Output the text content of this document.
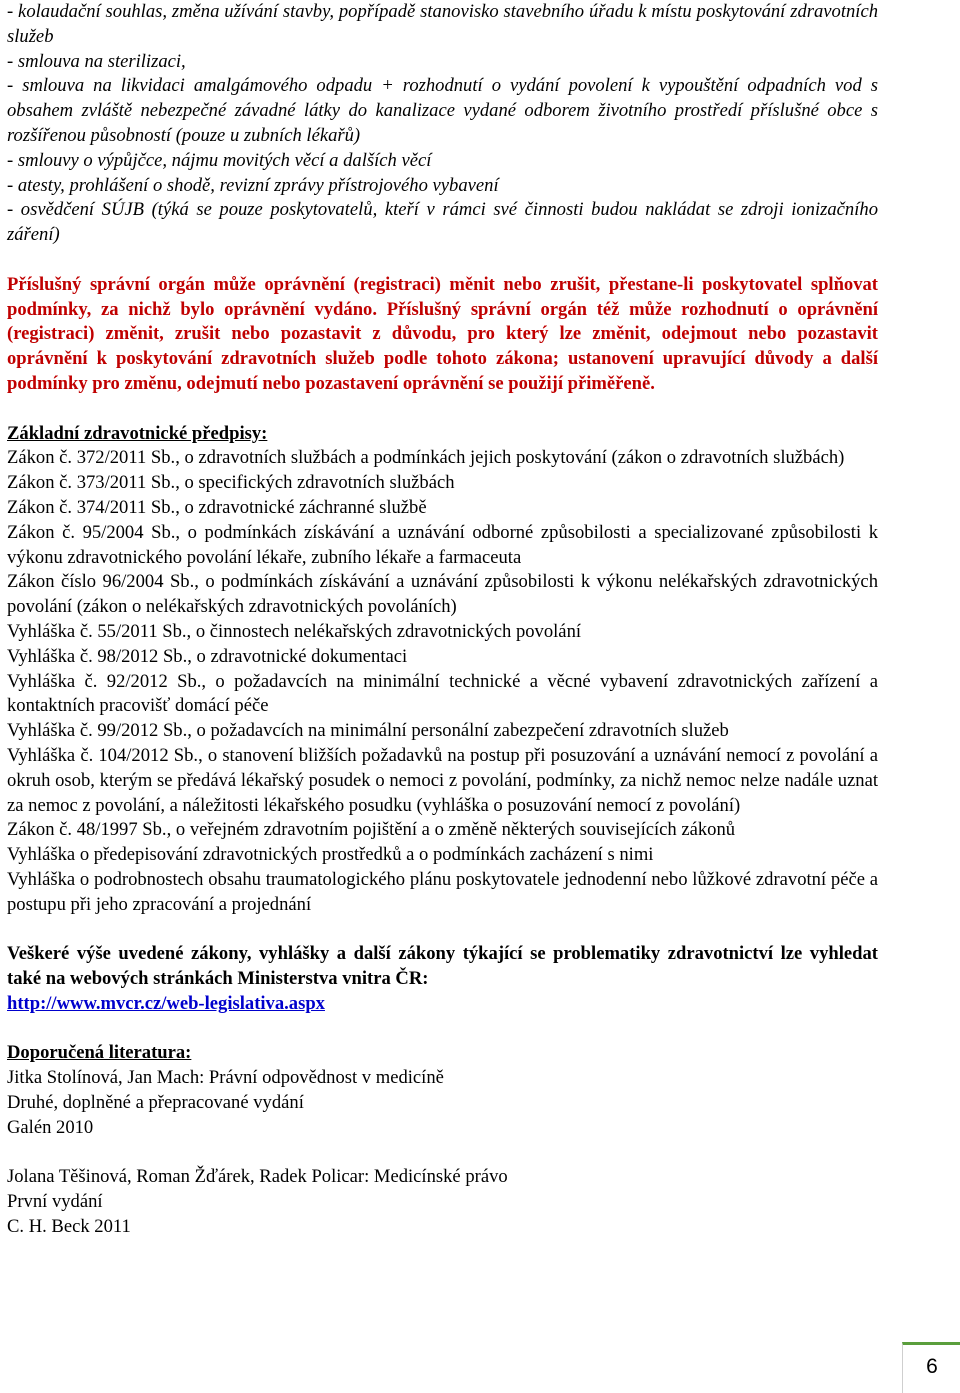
- kolaudační souhlas, změna užívání stavby, popřípadě stanovisko stavebního úřadu k místu poskytování zdravotních služeb

- smlouva na sterilizaci,

- smlouva na likvidaci amalgámového odpadu + rozhodnutí o vydání povolení k vypouštění odpadních vod s obsahem zvláště nebezpečné závadné látky do kanalizace vydané odborem životního prostředí příslušné obce s rozšířenou působností (pouze u zubních lékařů)

- smlouvy o výpůjčce, nájmu movitých věcí a dalších věcí

- atesty, prohlášení o shodě, revizní zprávy přístrojového vybavení

- osvědčení SÚJB (týká se pouze poskytovatelů, kteří v rámci své činnosti budou nakládat se zdroji ionizačního záření)

Příslušný správní orgán může oprávnění (registraci) měnit nebo zrušit, přestane-li poskytovatel splňovat podmínky, za nichž bylo oprávnění vydáno. Příslušný správní orgán též může rozhodnutí o oprávnění (registraci) změnit, zrušit nebo pozastavit z důvodu, pro který lze změnit, odejmout nebo pozastavit oprávnění k poskytování zdravotních služeb podle tohoto zákona; ustanovení upravující důvody a další podmínky pro změnu, odejmutí nebo pozastavení oprávnění se použijí přiměřeně.

Základní zdravotnické předpisy:

Zákon č. 372/2011 Sb., o zdravotních službách a podmínkách jejich poskytování (zákon o zdravotních službách)

Zákon č. 373/2011 Sb., o specifických zdravotních službách

Zákon č. 374/2011 Sb., o zdravotnické záchranné službě

Zákon č. 95/2004 Sb., o podmínkách získávání a uznávání odborné způsobilosti a specializované způsobilosti k výkonu zdravotnického povolání lékaře, zubního lékaře a farmaceuta

Zákon číslo 96/2004 Sb., o podmínkách získávání a uznávání způsobilosti k výkonu nelékařských zdravotnických povolání (zákon o nelékařských zdravotnických povoláních)

Vyhláška č. 55/2011 Sb., o činnostech nelékařských zdravotnických povolání

Vyhláška č. 98/2012 Sb., o zdravotnické dokumentaci

Vyhláška č. 92/2012 Sb., o požadavcích na minimální technické a věcné vybavení zdravotnických zařízení a kontaktních pracovišť domácí péče

Vyhláška č. 99/2012 Sb., o požadavcích na minimální personální zabezpečení zdravotních služeb

Vyhláška č. 104/2012 Sb., o stanovení bližších požadavků na postup při posuzování a uznávání nemocí z povolání a okruh osob, kterým se předává lékařský posudek o nemoci z povolání, podmínky, za nichž nemoc nelze nadále uznat za nemoc z povolání, a náležitosti lékařského posudku (vyhláška o posuzování nemocí z povolání)

Zákon č. 48/1997 Sb., o veřejném zdravotním pojištění a o změně některých souvisejících zákonů

Vyhláška o předepisování zdravotnických prostředků a o podmínkách zacházení s nimi

Vyhláška o podrobnostech obsahu traumatologického plánu poskytovatele jednodenní nebo lůžkové zdravotní péče a postupu při jeho zpracování a projednání

Veškeré výše uvedené zákony, vyhlášky a další zákony týkající se problematiky zdravotnictví lze vyhledat také na webových stránkách Ministerstva vnitra ČR:

http://www.mvcr.cz/web-legislativa.aspx

Doporučená literatura:

Jitka Stolínová, Jan Mach: Právní odpovědnost v medicíně

Druhé, doplněné a přepracované vydání

Galén 2010

Jolana Těšinová, Roman Žďárek, Radek Policar: Medicínské právo

První vydání

C. H. Beck 2011

6
